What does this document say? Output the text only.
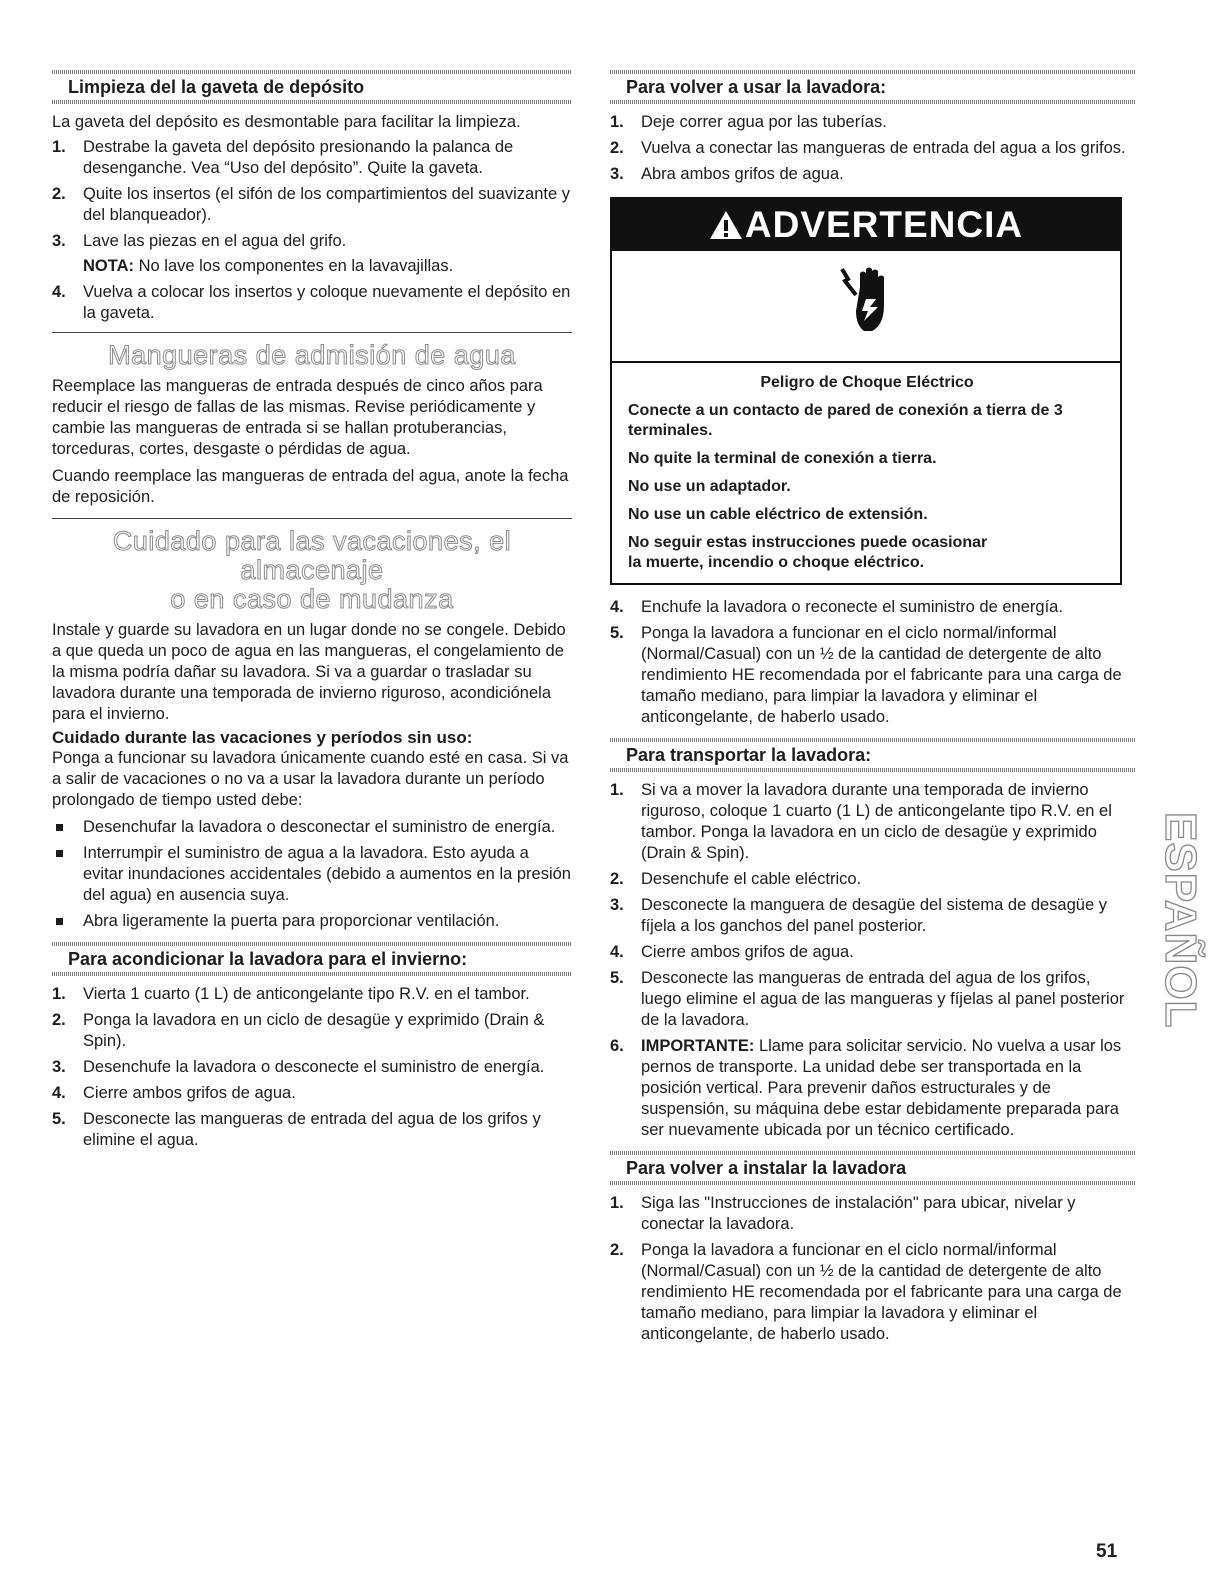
Limpieza del la gaveta de depósito

La gaveta del depósito es desmontable para facilitar la limpieza.

1. Destrabe la gaveta del depósito presionando la palanca de desenganche. Vea “Uso del depósito”. Quite la gaveta.
2. Quite los insertos (el sifón de los compartimientos del suavizante y del blanqueador).
3. Lave las piezas en el agua del grifo.
NOTA: No lave los componentes en la lavavajillas.
4. Vuelva a colocar los insertos y coloque nuevamente el depósito en la gaveta.
Mangueras de admisión de agua

Reemplace las mangueras de entrada después de cinco años para reducir el riesgo de fallas de las mismas. Revise periódicamente y cambie las mangueras de entrada si se hallan protuberancias, torceduras, cortes, desgaste o pérdidas de agua.

Cuando reemplace las mangueras de entrada del agua, anote la fecha de reposición.

Cuidado para las vacaciones, el almacenaje
o en caso de mudanza

Instale y guarde su lavadora en un lugar donde no se congele. Debido a que queda un poco de agua en las mangueras, el congelamiento de la misma podría dañar su lavadora. Si va a guardar o trasladar su lavadora durante una temporada de invierno riguroso, acondiciónela para el invierno.

Cuidado durante las vacaciones y períodos sin uso:

Ponga a funcionar su lavadora únicamente cuando esté en casa. Si va a salir de vacaciones o no va a usar la lavadora durante un período prolongado de tiempo usted debe:

Desenchufar la lavadora o desconectar el suministro de energía.
Interrumpir el suministro de agua a la lavadora. Esto ayuda a evitar inundaciones accidentales (debido a aumentos en la presión del agua) en ausencia suya.
Abra ligeramente la puerta para proporcionar ventilación.
Para acondicionar la lavadora para el invierno:
1. Vierta 1 cuarto (1 L) de anticongelante tipo R.V. en el tambor.
2. Ponga la lavadora en un ciclo de desagüe y exprimido (Drain & Spin).
3. Desenchufe la lavadora o desconecte el suministro de energía.
4. Cierre ambos grifos de agua.
5. Desconecte las mangueras de entrada del agua de los grifos y elimine el agua.
Para volver a usar la lavadora:
1. Deje correr agua por las tuberías.
2. Vuelva a conectar las mangueras de entrada del agua a los grifos.
3. Abra ambos grifos de agua.
ADVERTENCIA

Peligro de Choque Eléctrico

Conecte a un contacto de pared de conexión a tierra de 3 terminales.

No quite la terminal de conexión a tierra.

No use un adaptador.

No use un cable eléctrico de extensión.

No seguir estas instrucciones puede ocasionar

la muerte, incendio o choque eléctrico.

4. Enchufe la lavadora o reconecte el suministro de energía.
5. Ponga la lavadora a funcionar en el ciclo normal/informal (Normal/Casual) con un ½ de la cantidad de detergente de alto rendimiento HE recomendada por el fabricante para una carga de tamaño mediano, para limpiar la lavadora y eliminar el anticongelante, de haberlo usado.
Para transportar la lavadora:
1. Si va a mover la lavadora durante una temporada de invierno riguroso, coloque 1 cuarto (1 L) de anticongelante tipo R.V. en el tambor. Ponga la lavadora en un ciclo de desagüe y exprimido (Drain & Spin).
2. Desenchufe el cable eléctrico.
3. Desconecte la manguera de desagüe del sistema de desagüe y fíjela a los ganchos del panel posterior.
4. Cierre ambos grifos de agua.
5. Desconecte las mangueras de entrada del agua de los grifos, luego elimine el agua de las mangueras y fíjelas al panel posterior de la lavadora.
6. IMPORTANTE: Llame para solicitar servicio. No vuelva a usar los pernos de transporte. La unidad debe ser transportada en la posición vertical. Para prevenir daños estructurales y de suspensión, su máquina debe estar debidamente preparada para ser nuevamente ubicada por un técnico certificado.
Para volver a instalar la lavadora
1. Siga las "Instrucciones de instalación" para ubicar, nivelar y conectar la lavadora.
2. Ponga la lavadora a funcionar en el ciclo normal/informal (Normal/Casual) con un ½ de la cantidad de detergente de alto rendimiento HE recomendada por el fabricante para una carga de tamaño mediano, para limpiar la lavadora y eliminar el anticongelante, de haberlo usado.
ESPAÑOL
51
